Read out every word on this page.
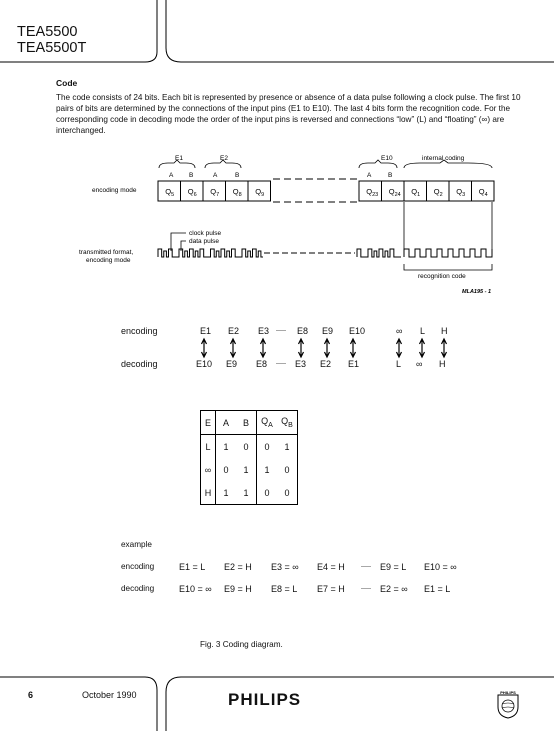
TEA5500
TEA5500T
Code
The code consists of 24 bits. Each bit is represented by presence or absence of a data pulse following a clock pulse. The first 10 pairs of bits are determined by the connections of the input pins (E1 to E10). The last 4 bits form the recognition code. For the corresponding code in decoding mode the order of the input pins is reversed and connections “low” (L) and “floating” (∞) are interchanged.
E1	E2	E10	internal coding
A B	A	B	A	B
encoding mode	$Q_5$ $Q_6$ $Q_7$ $Q_8$ $Q_9$	$Q_{23}$ $Q_{24}$ $Q_1$ $Q_2$ $Q_3$ $Q_4$
clock pulse
data pulse
transmitted format,
encoding mode
recognition code
MLA195 - 1
encoding
decoding
E1 E2 E3 ----- E8 E9 E10	∞ L H
E10 E9 E8 ----- E3 E2 E1	L ∞ H
E	A	B	$Q_A$	$Q_B$
L	1	0	0	1
∞	0	1	1	0
H	1	1	0	0
example
encoding
decoding
E1 = L E2 = H E3 = ∞ E4 = H	----- E9 = L E10 = ∞
E10 = ∞ E9 = H E8 = L E7 = H	----- E2 = ∞ E1 = L
Fig. 3 Coding diagram.
6	October 1990	PHILIPS	PHILIPS
